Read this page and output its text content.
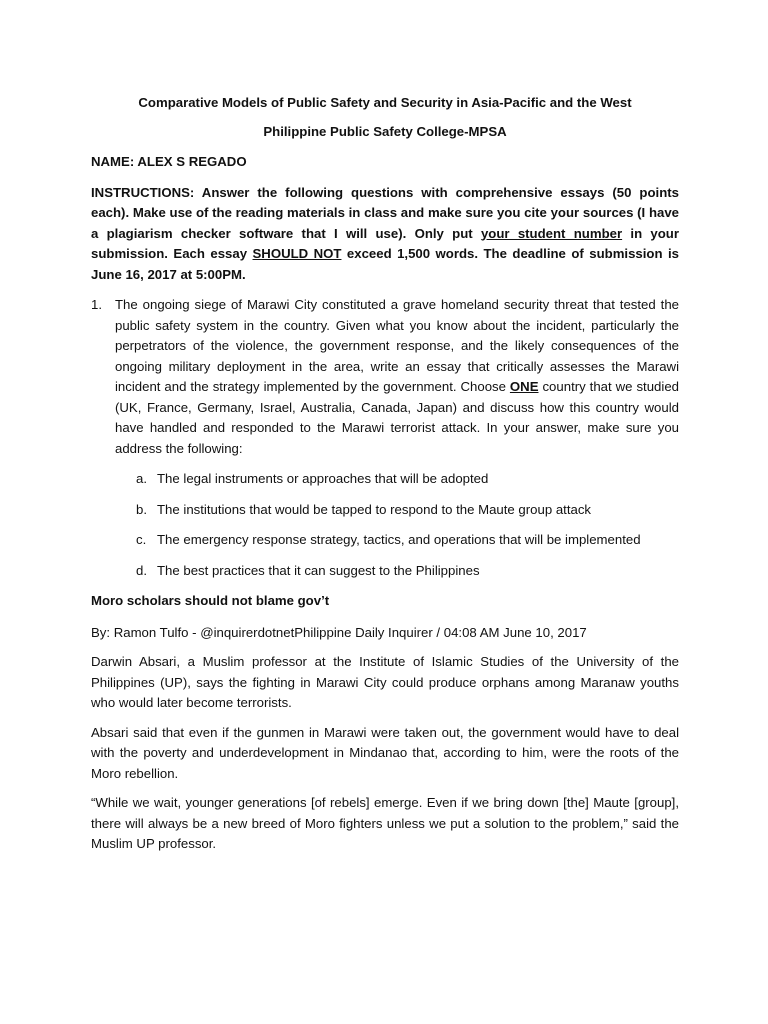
Comparative Models of Public Safety and Security in Asia-Pacific and the West

Philippine Public Safety College-MPSA

NAME: ALEX S REGADO

INSTRUCTIONS: Answer the following questions with comprehensive essays (50 points each). Make use of the reading materials in class and make sure you cite your sources (I have a plagiarism checker software that I will use). Only put your student number in your submission. Each essay SHOULD NOT exceed 1,500 words. The deadline of submission is June 16, 2017 at 5:00PM.

1. The ongoing siege of Marawi City constituted a grave homeland security threat that tested the public safety system in the country. Given what you know about the incident, particularly the perpetrators of the violence, the government response, and the likely consequences of the ongoing military deployment in the area, write an essay that critically assesses the Marawi incident and the strategy implemented by the government. Choose ONE country that we studied (UK, France, Germany, Israel, Australia, Canada, Japan) and discuss how this country would have handled and responded to the Marawi terrorist attack. In your answer, make sure you address the following:
a. The legal instruments or approaches that will be adopted
b. The institutions that would be tapped to respond to the Maute group attack
c. The emergency response strategy, tactics, and operations that will be implemented
d. The best practices that it can suggest to the Philippines

Moro scholars should not blame gov’t

By: Ramon Tulfo - @inquirerdotnetPhilippine Daily Inquirer / 04:08 AM June 10, 2017

Darwin Absari, a Muslim professor at the Institute of Islamic Studies of the University of the Philippines (UP), says the fighting in Marawi City could produce orphans among Maranaw youths who would later become terrorists.

Absari said that even if the gunmen in Marawi were taken out, the government would have to deal with the poverty and underdevelopment in Mindanao that, according to him, were the roots of the Moro rebellion.

“While we wait, younger generations [of rebels] emerge. Even if we bring down [the] Maute [group], there will always be a new breed of Moro fighters unless we put a solution to the problem,” said the Muslim UP professor.
